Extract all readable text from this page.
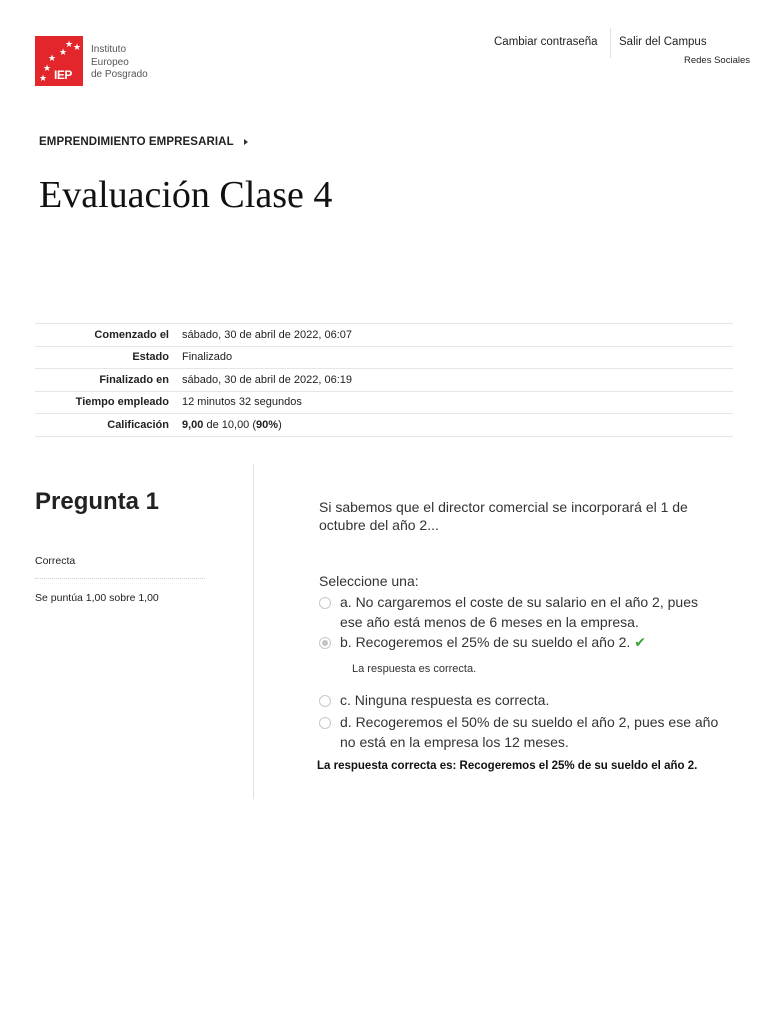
★ ★
★
★
★
★ IEP
Instituto
Europeo
de Posgrado
Cambiar contraseña Salir del Campus
Redes Sociales
EMPRENDIMIENTO EMPRESARIAL
Evaluación Clase 4
Comenzado el	sábado, 30 de abril de 2022, 06:07
Estado	Finalizado
Finalizado en	sábado, 30 de abril de 2022, 06:19
Tiempo empleado	12 minutos 32 segundos
Calificación	9,00 de 10,00 (90%)
Pregunta 1
Correcta
Se puntúa 1,00 sobre 1,00
Si sabemos que el director comercial se incorporará el 1 de octubre del año 2...
Seleccione una:
a. No cargaremos el coste de su salario en el año 2, pues ese año está menos de 6 meses en la empresa.
b. Recogeremos el 25% de su sueldo el año 2. ✔
La respuesta es correcta.
c. Ninguna respuesta es correcta.
d. Recogeremos el 50% de su sueldo el año 2, pues ese año no está en la empresa los 12 meses.
La respuesta correcta es: Recogeremos el 25% de su sueldo el año 2.
